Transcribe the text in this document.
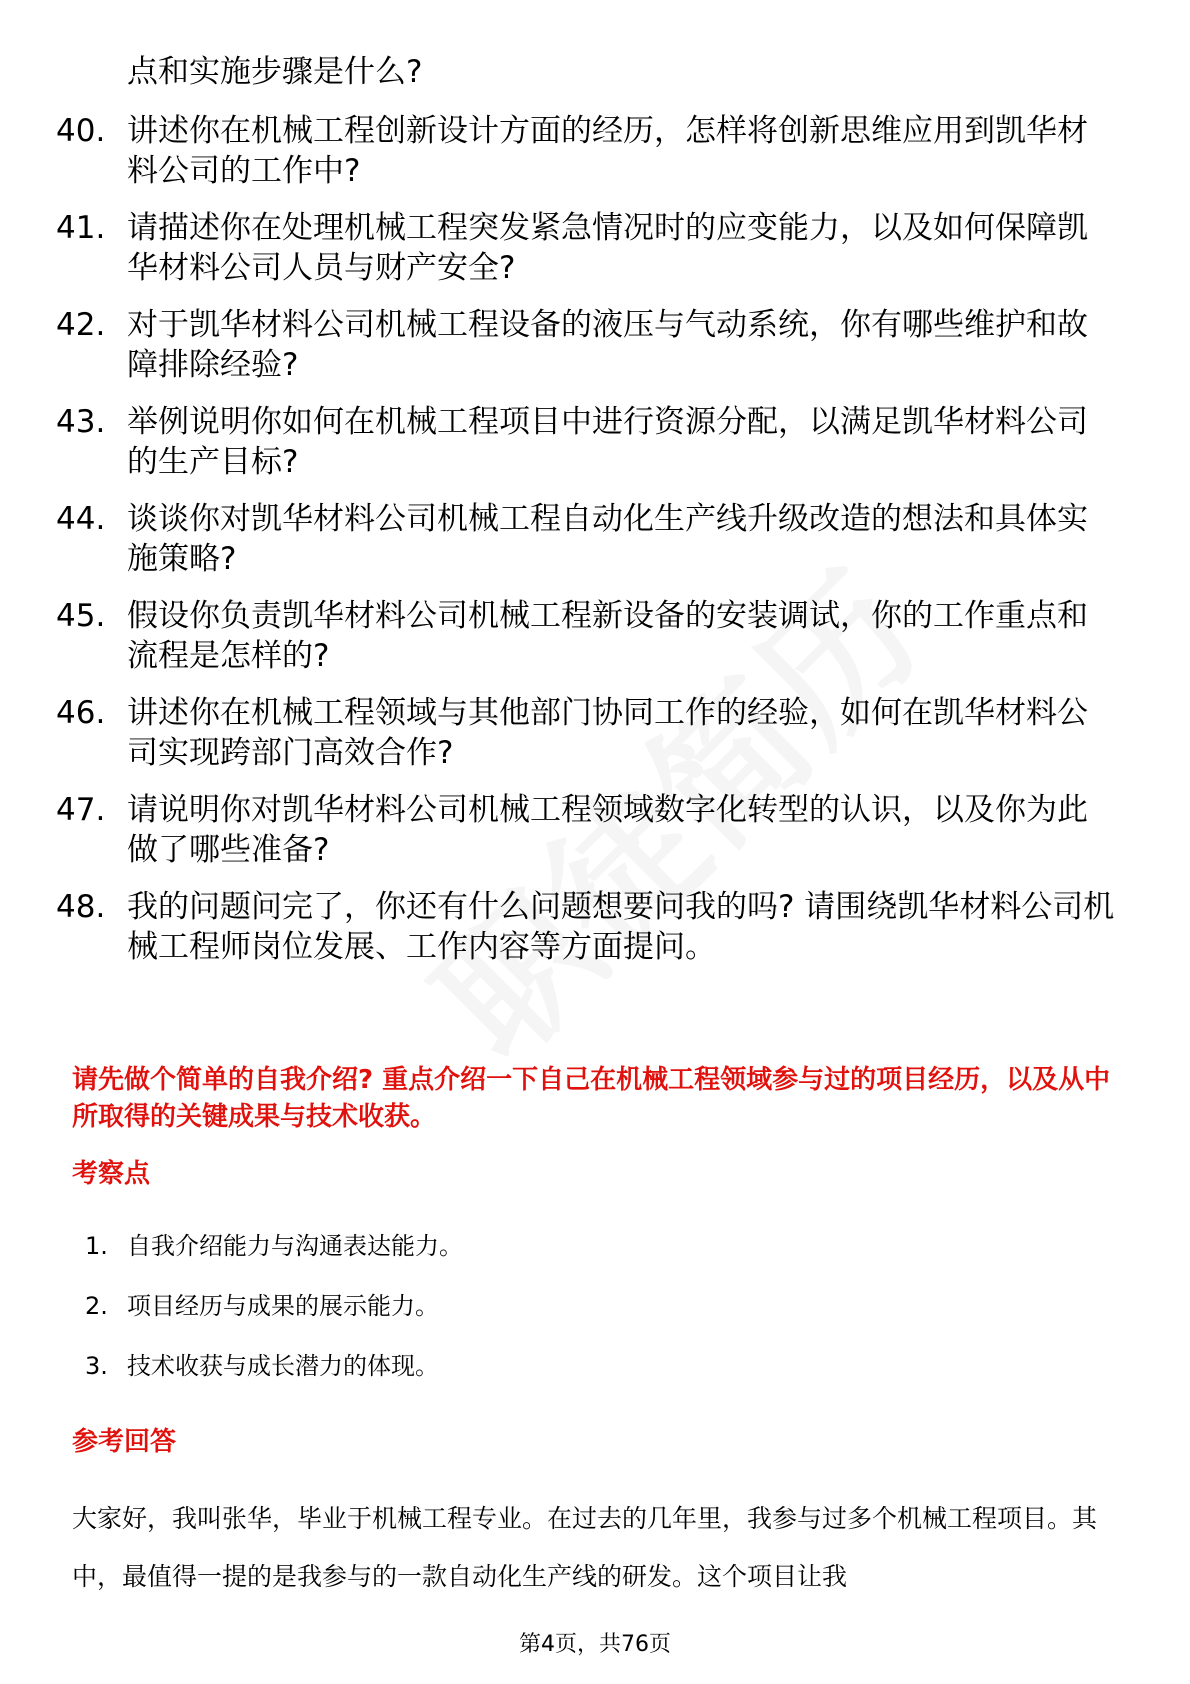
点和实施步骤是什么?
40. 讲述你在机械工程创新设计方面的经历，怎样将创新思维应用到凯华材料公司的工作中?
41. 请描述你在处理机械工程突发紧急情况时的应变能力，以及如何保障凯华材料公司人员与财产安全?
42. 对于凯华材料公司机械工程设备的液压与气动系统，你有哪些维护和故障排除经验?
43. 举例说明你如何在机械工程项目中进行资源分配，以满足凯华材料公司的生产目标?
44. 谈谈你对凯华材料公司机械工程自动化生产线升级改造的想法和具体实施策略?
45. 假设你负责凯华材料公司机械工程新设备的安装调试，你的工作重点和流程是怎样的?
46. 讲述你在机械工程领域与其他部门协同工作的经验，如何在凯华材料公司实现跨部门高效合作?
47. 请说明你对凯华材料公司机械工程领域数字化转型的认识，以及你为此做了哪些准备?
48. 我的问题问完了，你还有什么问题想要问我的吗? 请围绕凯华材料公司机械工程师岗位发展、工作内容等方面提问。
请先做个简单的自我介绍? 重点介绍一下自己在机械工程领域参与过的项目经历，以及从中所取得的关键成果与技术收获。
考察点
1. 自我介绍能力与沟通表达能力。
2. 项目经历与成果的展示能力。
3. 技术收获与成长潜力的体现。
参考回答
大家好，我叫张华，毕业于机械工程专业。在过去的几年里，我参与过多个机械工程项目。其中，最值得一提的是我参与的一款自动化生产线的研发。这个项目让我
第4页，共76页
